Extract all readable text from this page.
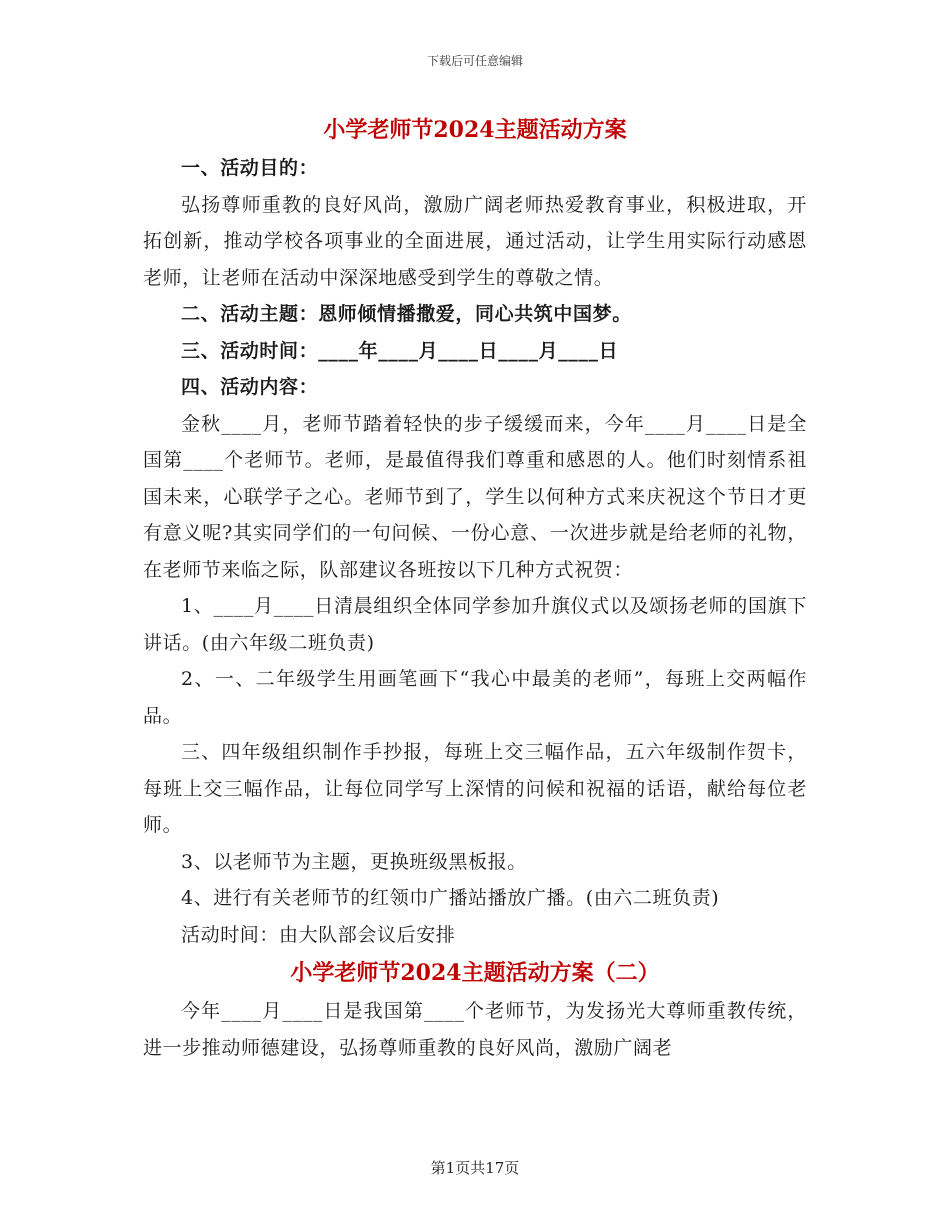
下载后可任意编辑
小学老师节2024主题活动方案

一、活动目的：

弘扬尊师重教的良好风尚，激励广阔老师热爱教育事业，积极进取，开拓创新，推动学校各项事业的全面进展，通过活动，让学生用实际行动感恩老师，让老师在活动中深深地感受到学生的尊敬之情。

二、活动主题：恩师倾情播撒爱，同心共筑中国梦。

三、活动时间：____年____月____日____月____日

四、活动内容：

金秋____月，老师节踏着轻快的步子缓缓而来，今年____月____日是全国第____个老师节。老师，是最值得我们尊重和感恩的人。他们时刻情系祖国未来，心联学子之心。老师节到了，学生以何种方式来庆祝这个节日才更有意义呢?其实同学们的一句问候、一份心意、一次进步就是给老师的礼物，在老师节来临之际，队部建议各班按以下几种方式祝贺：

1、____月____日清晨组织全体同学参加升旗仪式以及颂扬老师的国旗下讲话。(由六年级二班负责)

2、一、二年级学生用画笔画下“我心中最美的老师”，每班上交两幅作品。

三、四年级组织制作手抄报，每班上交三幅作品，五六年级制作贺卡，每班上交三幅作品，让每位同学写上深情的问候和祝福的话语，献给每位老师。

3、以老师节为主题，更换班级黑板报。

4、进行有关老师节的红领巾广播站播放广播。(由六二班负责)

活动时间：由大队部会议后安排

小学老师节2024主题活动方案（二）

今年____月____日是我国第____个老师节，为发扬光大尊师重教传统，进一步推动师德建设，弘扬尊师重教的良好风尚，激励广阔老

第1页共17页
